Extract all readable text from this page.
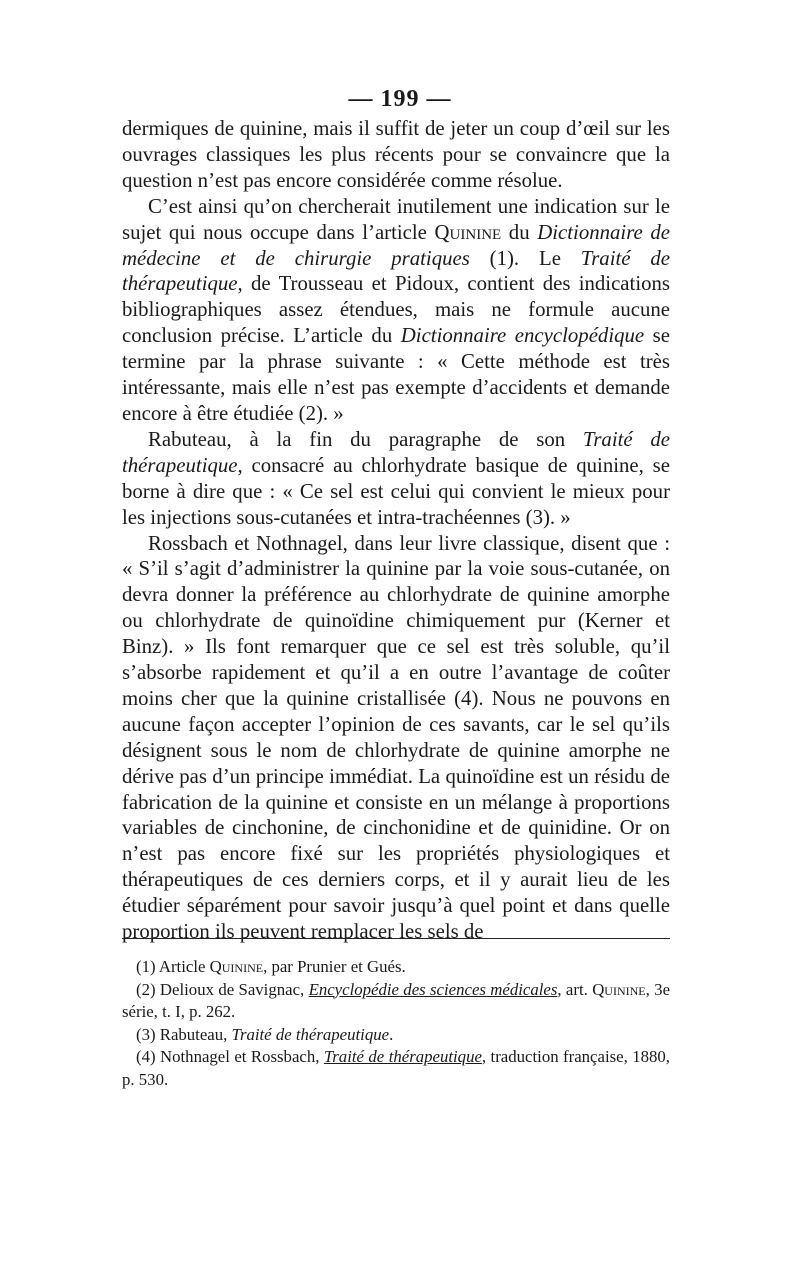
— 199 —

dermiques de quinine, mais il suffit de jeter un coup d’œil sur les ouvrages classiques les plus récents pour se convaincre que la question n’est pas encore considérée comme résolue.

C’est ainsi qu’on chercherait inutilement une indication sur le sujet qui nous occupe dans l’article Quinine du Dictionnaire de médecine et de chirurgie pratiques (1). Le Traité de thérapeutique, de Trousseau et Pidoux, contient des indications bibliographiques assez étendues, mais ne formule aucune conclusion précise. L’article du Dictionnaire encyclopédique se termine par la phrase suivante : « Cette méthode est très intéressante, mais elle n’est pas exempte d’accidents et demande encore à être étudiée (2). »

Rabuteau, à la fin du paragraphe de son Traité de thérapeutique, consacré au chlorhydrate basique de quinine, se borne à dire que : « Ce sel est celui qui convient le mieux pour les injections sous-cutanées et intra-trachéennes (3). »

Rossbach et Nothnagel, dans leur livre classique, disent que : « S’il s’agit d’administrer la quinine par la voie sous-cutanée, on devra donner la préférence au chlorhydrate de quinine amorphe ou chlorhydrate de quinoïdine chimiquement pur (Kerner et Binz). » Ils font remarquer que ce sel est très soluble, qu’il s’absorbe rapidement et qu’il a en outre l’avantage de coûter moins cher que la quinine cristallisée (4). Nous ne pouvons en aucune façon accepter l’opinion de ces savants, car le sel qu’ils désignent sous le nom de chlorhydrate de quinine amorphe ne dérive pas d’un principe immédiat. La quinoïdine est un résidu de fabrication de la quinine et consiste en un mélange à proportions variables de cinchonine, de cinchonidine et de quinidine. Or on n’est pas encore fixé sur les propriétés physiologiques et thérapeutiques de ces derniers corps, et il y aurait lieu de les étudier séparément pour savoir jusqu’à quel point et dans quelle proportion ils peuvent remplacer les sels de

(1) Article Quinine, par Prunier et Gués.

(2) Delioux de Savignac, Encyclopédie des sciences médicales, art. Quinine, 3e série, t. I, p. 262.

(3) Rabuteau, Traité de thérapeutique.

(4) Nothnagel et Rossbach, Traité de thérapeutique, traduction française, 1880, p. 530.
